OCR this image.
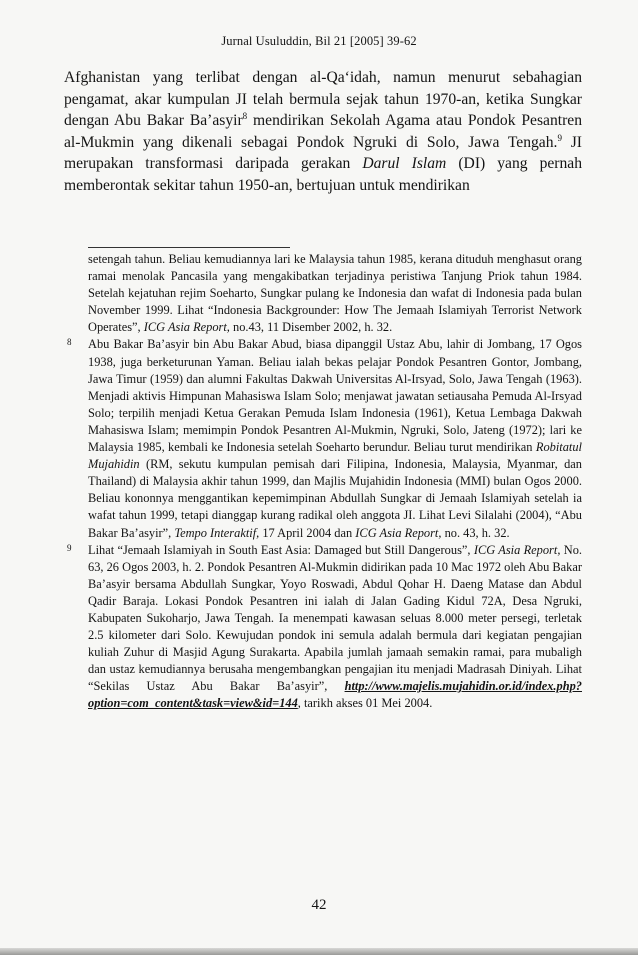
Jurnal Usuluddin, Bil 21 [2005] 39-62

Afghanistan yang terlibat dengan al-Qa‘idah, namun menurut sebahagian pengamat, akar kumpulan JI telah bermula sejak tahun 1970-an, ketika Sungkar dengan Abu Bakar Ba’asyir$^8$ mendirikan Sekolah Agama atau Pondok Pesantren al-Mukmin yang dikenali sebagai Pondok Ngruki di Solo, Jawa Tengah.$^9$ JI merupakan transformasi daripada gerakan Darul Islam (DI) yang pernah memberontak sekitar tahun 1950-an, bertujuan untuk mendirikan

setengah tahun. Beliau kemudiannya lari ke Malaysia tahun 1985, kerana dituduh menghasut orang ramai menolak Pancasila yang mengakibatkan terjadinya peristiwa Tanjung Priok tahun 1984. Setelah kejatuhan rejim Soeharto, Sungkar pulang ke Indonesia dan wafat di Indonesia pada bulan November 1999. Lihat “Indonesia Backgrounder: How The Jemaah Islamiyah Terrorist Network Operates”, ICG Asia Report, no.43, 11 Disember 2002, h. 32.

8 Abu Bakar Ba’asyir bin Abu Bakar Abud, biasa dipanggil Ustaz Abu, lahir di Jombang, 17 Ogos 1938, juga berketurunan Yaman. Beliau ialah bekas pelajar Pondok Pesantren Gontor, Jombang, Jawa Timur (1959) dan alumni Fakultas Dakwah Universitas Al-Irsyad, Solo, Jawa Tengah (1963). Menjadi aktivis Himpunan Mahasiswa Islam Solo; menjawat jawatan setiausaha Pemuda Al-Irsyad Solo; terpilih menjadi Ketua Gerakan Pemuda Islam Indonesia (1961), Ketua Lembaga Dakwah Mahasiswa Islam; memimpin Pondok Pesantren Al-Mukmin, Ngruki, Solo, Jateng (1972); lari ke Malaysia 1985, kembali ke Indonesia setelah Soeharto berundur. Beliau turut mendirikan Robitatul Mujahidin (RM, sekutu kumpulan pemisah dari Filipina, Indonesia, Malaysia, Myanmar, dan Thailand) di Malaysia akhir tahun 1999, dan Majlis Mujahidin Indonesia (MMI) bulan Ogos 2000. Beliau kononnya menggantikan kepemimpinan Abdullah Sungkar di Jemaah Islamiyah setelah ia wafat tahun 1999, tetapi dianggap kurang radikal oleh anggota JI. Lihat Levi Silalahi (2004), “Abu Bakar Ba’asyir”, Tempo Interaktif, 17 April 2004 dan ICG Asia Report, no. 43, h. 32.

9 Lihat “Jemaah Islamiyah in South East Asia: Damaged but Still Dangerous”, ICG Asia Report, No. 63, 26 Ogos 2003, h. 2. Pondok Pesantren Al-Mukmin didirikan pada 10 Mac 1972 oleh Abu Bakar Ba’asyir bersama Abdullah Sungkar, Yoyo Roswadi, Abdul Qohar H. Daeng Matase dan Abdul Qadir Baraja. Lokasi Pondok Pesantren ini ialah di Jalan Gading Kidul 72A, Desa Ngruki, Kabupaten Sukoharjo, Jawa Tengah. Ia menempati kawasan seluas 8.000 meter persegi, terletak 2.5 kilometer dari Solo. Kewujudan pondok ini semula adalah bermula dari kegiatan pengajian kuliah Zuhur di Masjid Agung Surakarta. Apabila jumlah jamaah semakin ramai, para mubaligh dan ustaz kemudiannya berusaha mengembangkan pengajian itu menjadi Madrasah Diniyah. Lihat “Sekilas Ustaz Abu Bakar Ba’asyir”, http://www.majelis.mujahidin.or.id/index.php?option=com_content&task=view&id=144, tarikh akses 01 Mei 2004.

42
